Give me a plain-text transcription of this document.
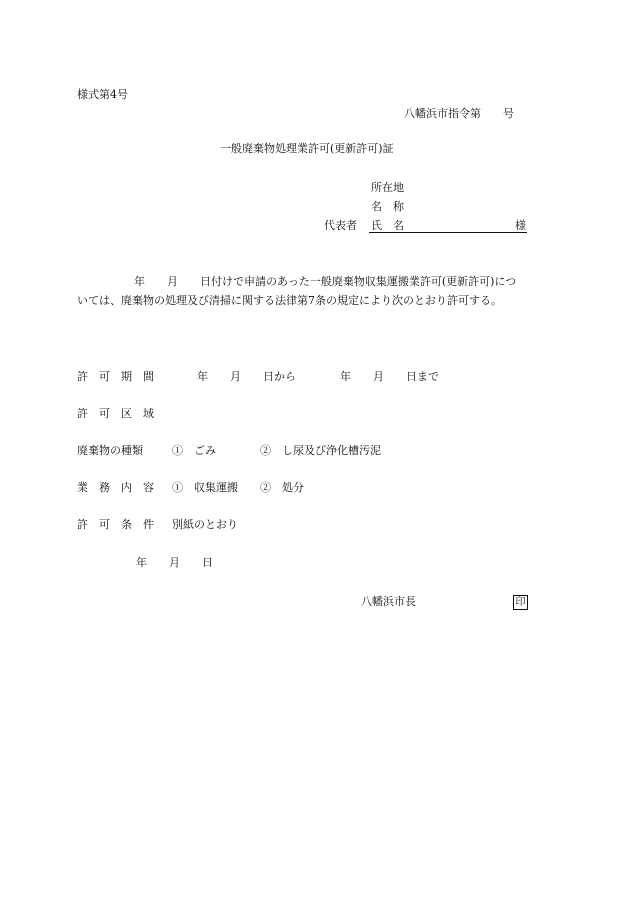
様式第4号
八幡浜市指令第　　号
一般廃棄物処理業許可(更新許可)証
所在地
名　称
代表者 氏　名	様
年　　月　　日付けで申請のあった一般廃棄物収集運搬業許可(更新許可)につ
いては、廃棄物の処理及び清掃に関する法律第7条の規定により次のとおり許可する。
許　可　期　間	年　　月　　日から　　　　年　　月　　日まで
許　可　区　域
廃棄物の種類	①　ごみ　　　　②　し尿及び浄化槽汚泥
業　務　内　容 ①　収集運搬　　②　処分
許　可　条　件 別紙のとおり
年　　月　　日
八幡浜市長	印
